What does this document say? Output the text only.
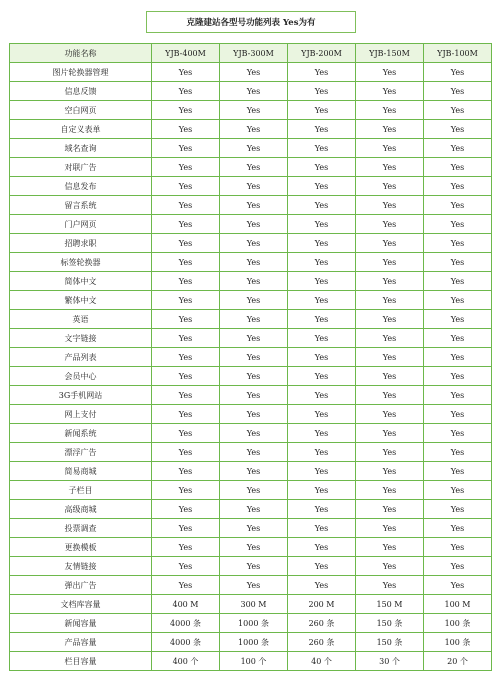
克隆建站各型号功能列表 Yes为有
功能名称	YJB-400M	YJB-300M	YJB-200M	YJB-150M	YJB-100M
图片轮换器管理	Yes	Yes	Yes	Yes	Yes
信息反馈	Yes	Yes	Yes	Yes	Yes
空白网页	Yes	Yes	Yes	Yes	Yes
自定义表单	Yes	Yes	Yes	Yes	Yes
域名查询	Yes	Yes	Yes	Yes	Yes
对联广告	Yes	Yes	Yes	Yes	Yes
信息发布	Yes	Yes	Yes	Yes	Yes
留言系统	Yes	Yes	Yes	Yes	Yes
门户网页	Yes	Yes	Yes	Yes	Yes
招聘求职	Yes	Yes	Yes	Yes	Yes
标签轮换器	Yes	Yes	Yes	Yes	Yes
简体中文	Yes	Yes	Yes	Yes	Yes
繁体中文	Yes	Yes	Yes	Yes	Yes
英语	Yes	Yes	Yes	Yes	Yes
文字链接	Yes	Yes	Yes	Yes	Yes
产品列表	Yes	Yes	Yes	Yes	Yes
会员中心	Yes	Yes	Yes	Yes	Yes
3G手机网站	Yes	Yes	Yes	Yes	Yes
网上支付	Yes	Yes	Yes	Yes	Yes
新闻系统	Yes	Yes	Yes	Yes	Yes
漂浮广告	Yes	Yes	Yes	Yes	Yes
简易商城	Yes	Yes	Yes	Yes	Yes
子栏目	Yes	Yes	Yes	Yes	Yes
高级商城	Yes	Yes	Yes	Yes	Yes
投票调查	Yes	Yes	Yes	Yes	Yes
更换模板	Yes	Yes	Yes	Yes	Yes
友情链接	Yes	Yes	Yes	Yes	Yes
弹出广告	Yes	Yes	Yes	Yes	Yes
文档库容量	400 M	300 M	200 M	150 M	100 M
新闻容量	4000 条	1000 条	260 条	150 条	100 条
产品容量	4000 条	1000 条	260 条	150 条	100 条
栏目容量	400 个	100 个	40 个	30 个	20 个
